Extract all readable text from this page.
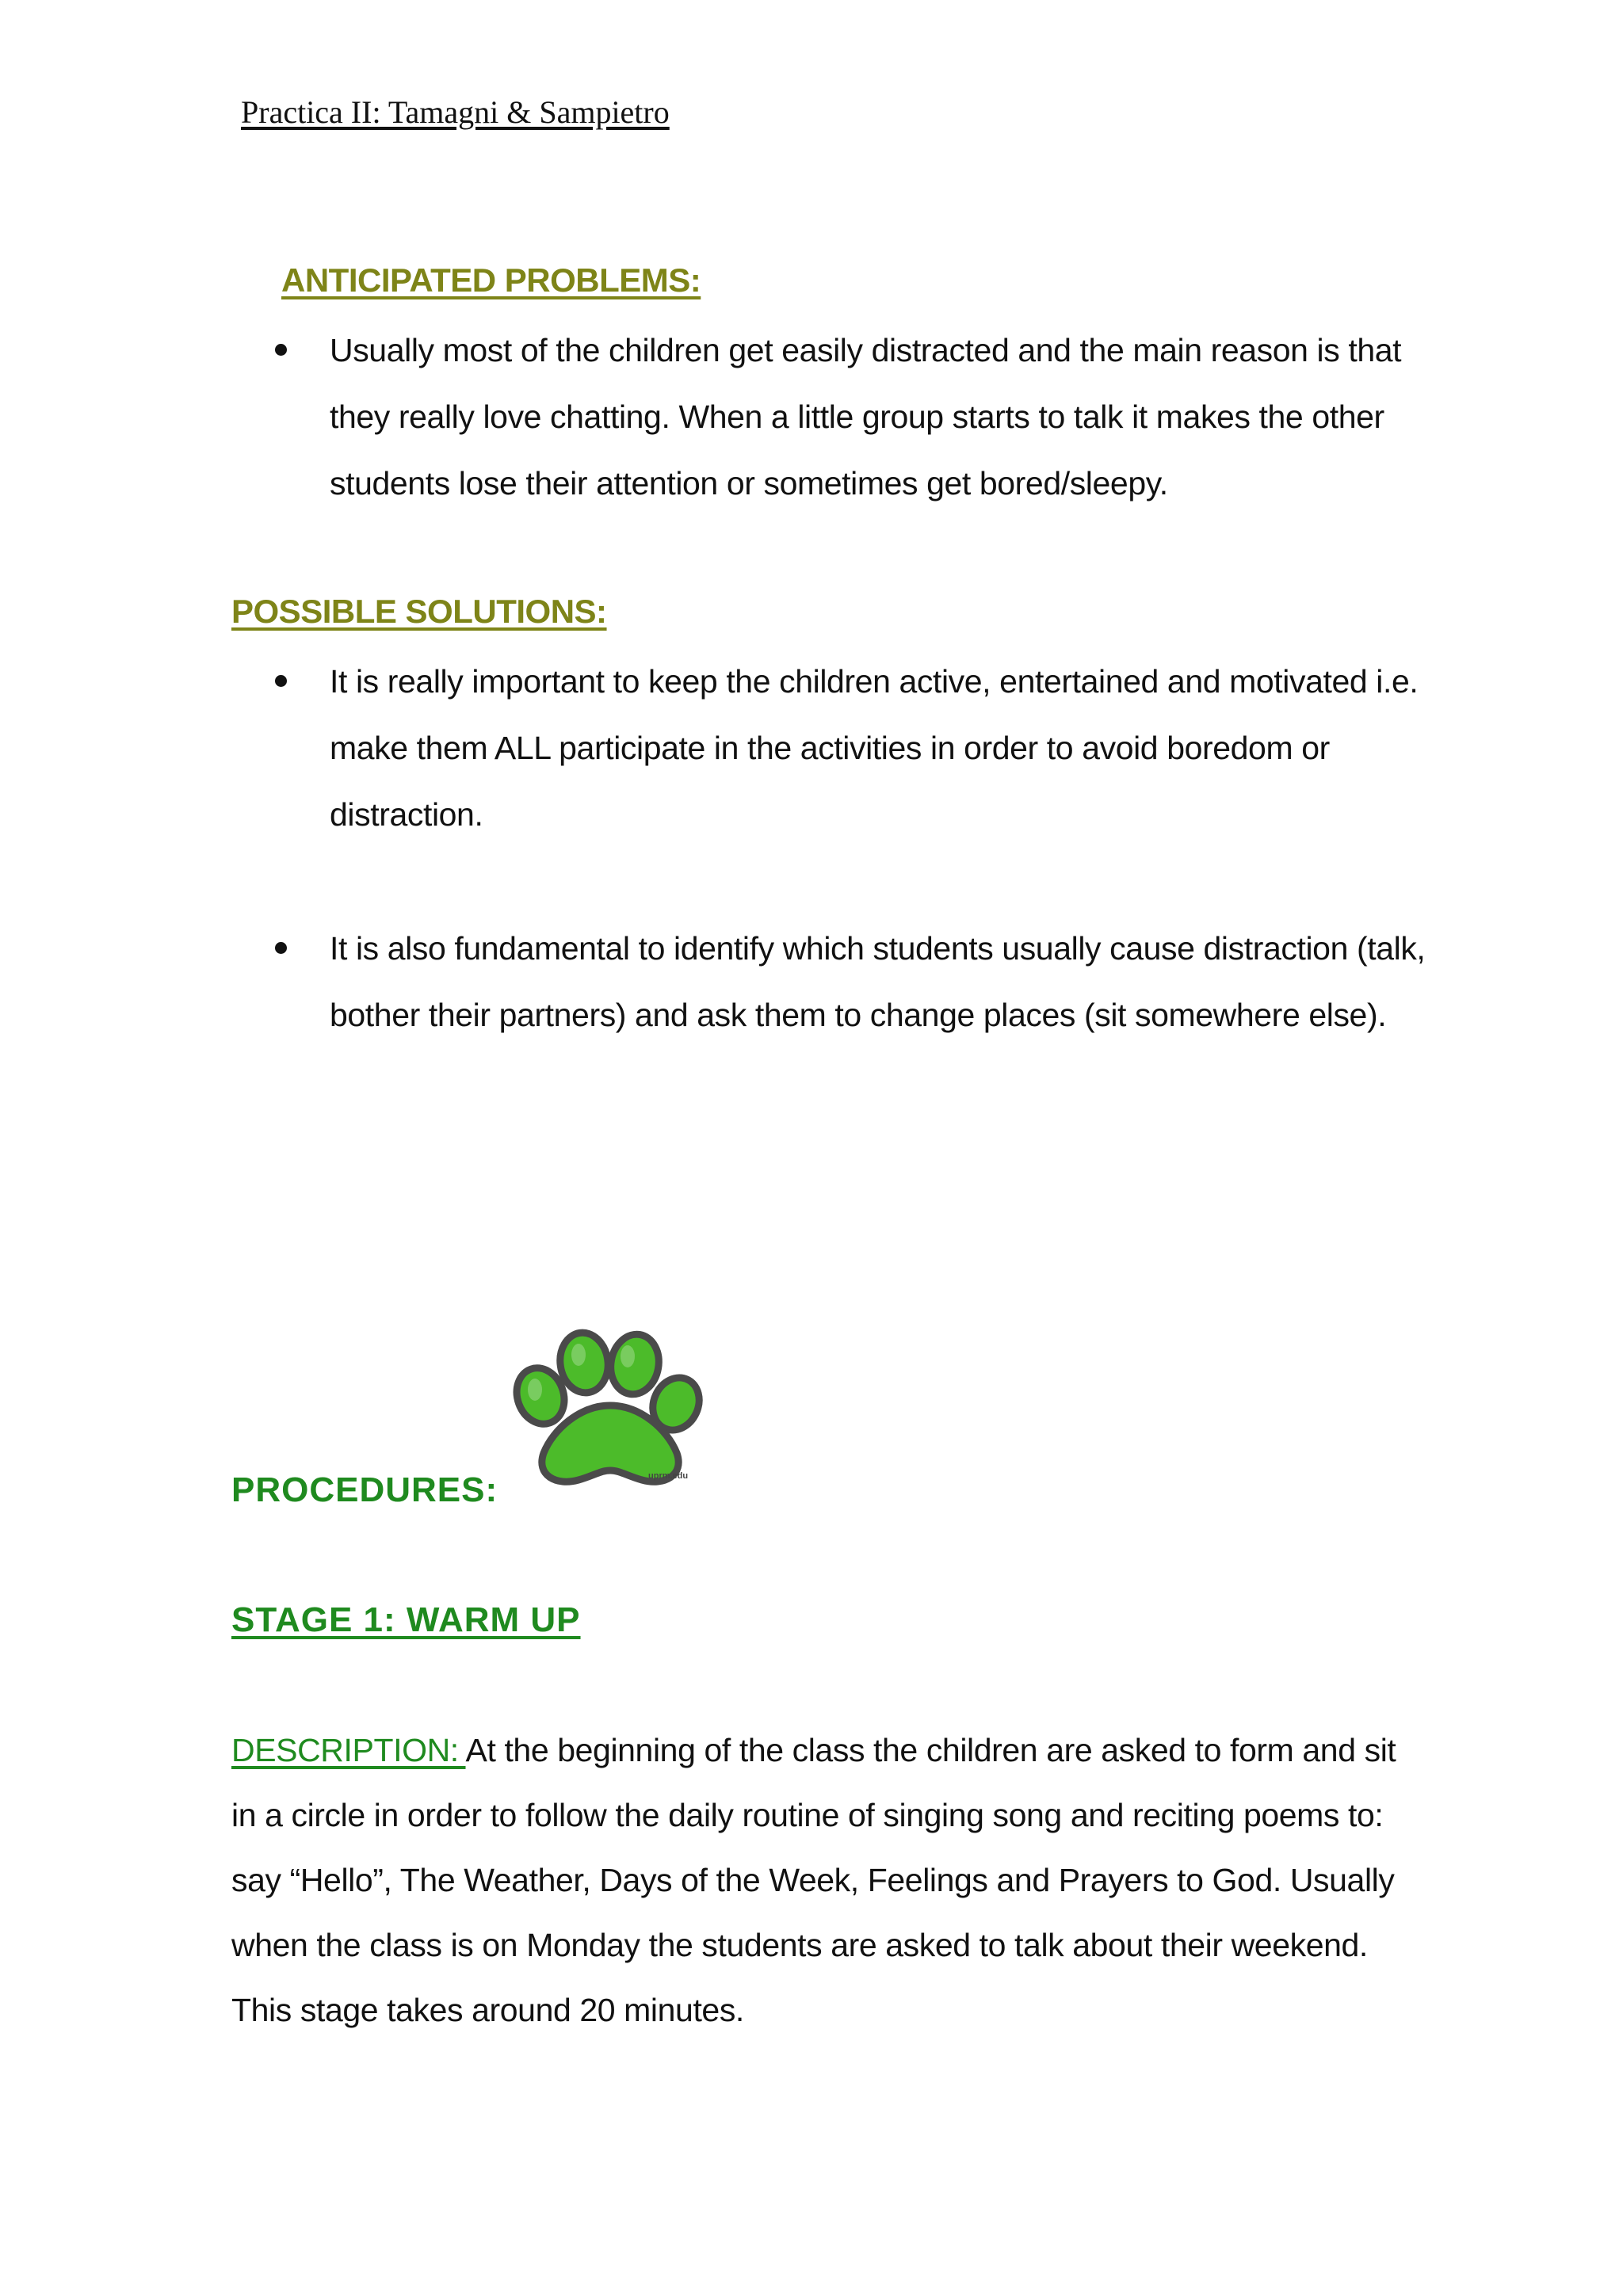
Practica II: Tamagni & Sampietro
ANTICIPATED PROBLEMS:
Usually most of the children get easily distracted and the main reason is that they really love chatting. When a little group starts to talk it makes the other students lose their attention or sometimes get bored/sleepy.
POSSIBLE SOLUTIONS:
It is really important to keep the children active, entertained and motivated i.e. make them ALL participate in the activities in order to avoid boredom or distraction.
It is also fundamental to identify which students usually cause distraction (talk, bother their partners) and ask them to change places (sit somewhere else).
PROCEDURES:	uprm.edu
STAGE 1: WARM UP
DESCRIPTION: At the beginning of the class the children are asked to form and sit in a circle in order to follow the daily routine of singing song and reciting poems to: say “Hello”, The Weather, Days of the Week, Feelings and Prayers to God. Usually when the class is on Monday the students are asked to talk about their weekend. This stage takes around 20 minutes.
